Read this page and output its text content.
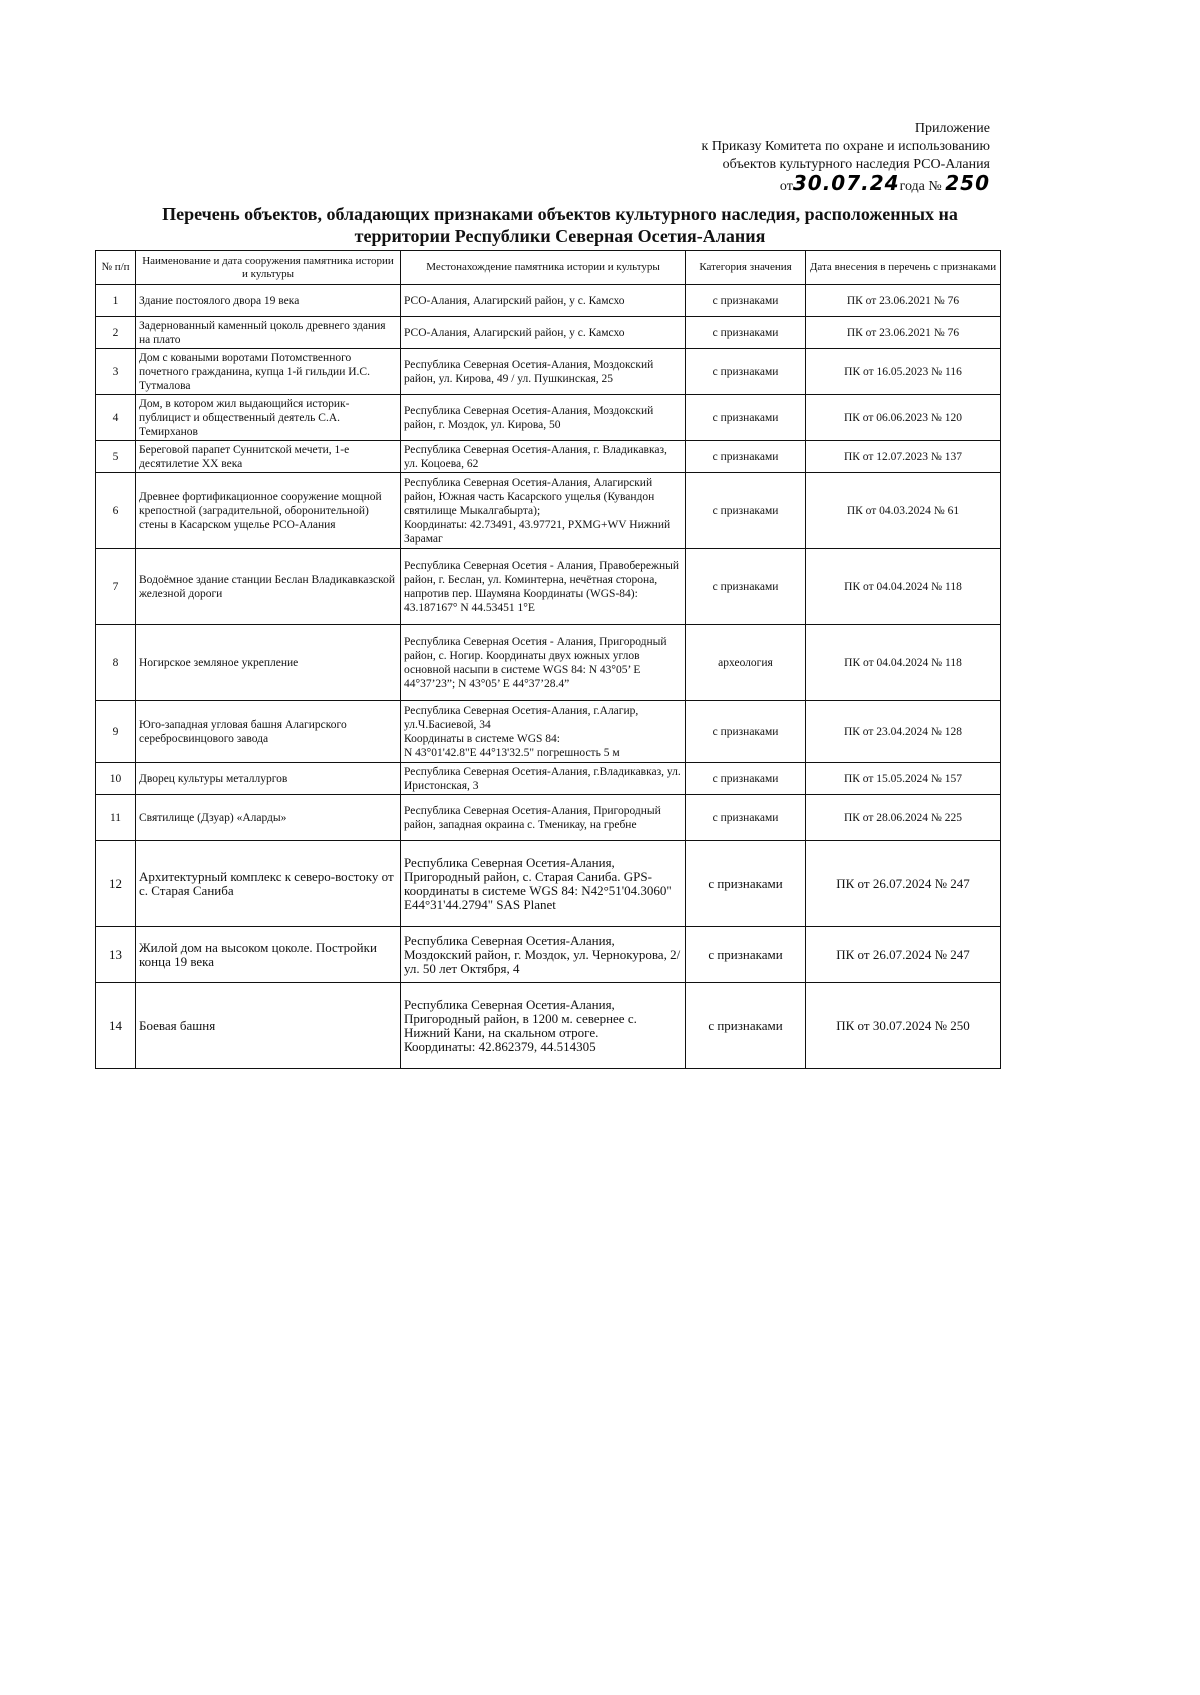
Приложение
к Приказу Комитета по охране и использованию
объектов культурного наследия РСО-Алания
от30.07.24года № 250
Перечень объектов, обладающих признаками объектов культурного наследия, расположенных на
территории Республики Северная Осетия-Алания
№ п/п	Наименование и дата сооружения памятника истории и культуры	Местонахождение памятника истории и культуры	Категория значения	Дата внесения в перечень с признаками
1	Здание постоялого двора 19 века	РСО-Алания, Алагирский район, у с. Камсхо	с признаками	ПК от 23.06.2021 № 76
2	Задернованный каменный цоколь древнего здания на плато	РСО-Алания, Алагирский район, у с. Камсхо	с признаками	ПК от 23.06.2021 № 76
3	Дом с коваными воротами Потомственного почетного гражданина, купца 1-й гильдии И.С. Тутмалова	Республика Северная Осетия-Алания, Моздокский район, ул. Кирова, 49 / ул. Пушкинская, 25	с признаками	ПК от 16.05.2023 № 116
4	Дом, в котором жил выдающийся историк-публицист и общественный деятель С.А. Темирханов	Республика Северная Осетия-Алания, Моздокский район, г. Моздок, ул. Кирова, 50	с признаками	ПК от 06.06.2023 № 120
5	Береговой парапет Суннитской мечети, 1-е десятилетие XX века	Республика Северная Осетия-Алания, г. Владикавказ, ул. Коцоева, 62	с признаками	ПК от 12.07.2023 № 137
6	Древнее фортификационное сооружение мощной крепостной (заградительной, оборонительной) стены в Касарском ущелье РСО-Алания	Республика Северная Осетия-Алания, Алагирский район, Южная часть Касарского ущелья (Кувандон святилище Мыкалгабырта);
Координаты: 42.73491, 43.97721, PXMG+WV Нижний Зарамаг	с признаками	ПК от 04.03.2024 № 61
7	Водоёмное здание станции Беслан Владикавказской железной дороги	Республика Северная Осетия - Алания, Правобережный район, г. Беслан, ул. Коминтерна, нечётная сторона, напротив пер. Шаумяна Координаты (WGS-84): 43.187167° N 44.53451 1°E	с признаками	ПК от 04.04.2024 № 118
8	Ногирское земляное укрепление	Республика Северная Осетия - Алания, Пригородный район, с. Ногир. Координаты двух южных углов основной насыпи в системе WGS 84: N 43°05’ E 44°37’23”; N 43°05’ E 44°37’28.4”	археология	ПК от 04.04.2024 № 118
9	Юго-западная угловая башня Алагирского серебросвинцового завода	Республика Северная Осетия-Алания, г.Алагир, ул.Ч.Басиевой, 34
Координаты в системе WGS 84:
N 43°01'42.8"E 44°13'32.5" погрешность 5 м	с признаками	ПК от 23.04.2024 № 128
10	Дворец культуры металлургов	Республика Северная Осетия-Алания, г.Владикавказ, ул. Иристонская, 3	с признаками	ПК от 15.05.2024 № 157
11	Святилище (Дзуар) «Аларды»	Республика Северная Осетия-Алания, Пригородный район, западная окраина с. Тменикау, на гребне	с признаками	ПК от 28.06.2024 № 225
12	Архитектурный комплекс к северо-востоку от с. Старая Саниба	Республика Северная Осетия-Алания, Пригородный район, с. Старая Саниба. GPS-координаты в системе WGS 84: N42°51'04.3060" E44°31'44.2794" SAS Planet	с признаками	ПК от 26.07.2024 № 247
13	Жилой дом на высоком цоколе. Постройки конца 19 века	Республика Северная Осетия-Алания, Моздокский район, г. Моздок, ул. Чернокурова, 2/ул. 50 лет Октября, 4	с признаками	ПК от 26.07.2024 № 247
14	Боевая башня	Республика Северная Осетия-Алания, Пригородный район, в 1200 м. севернее с. Нижний Кани, на скальном отроге.
Координаты: 42.862379, 44.514305	с признаками	ПК от 30.07.2024 № 250
